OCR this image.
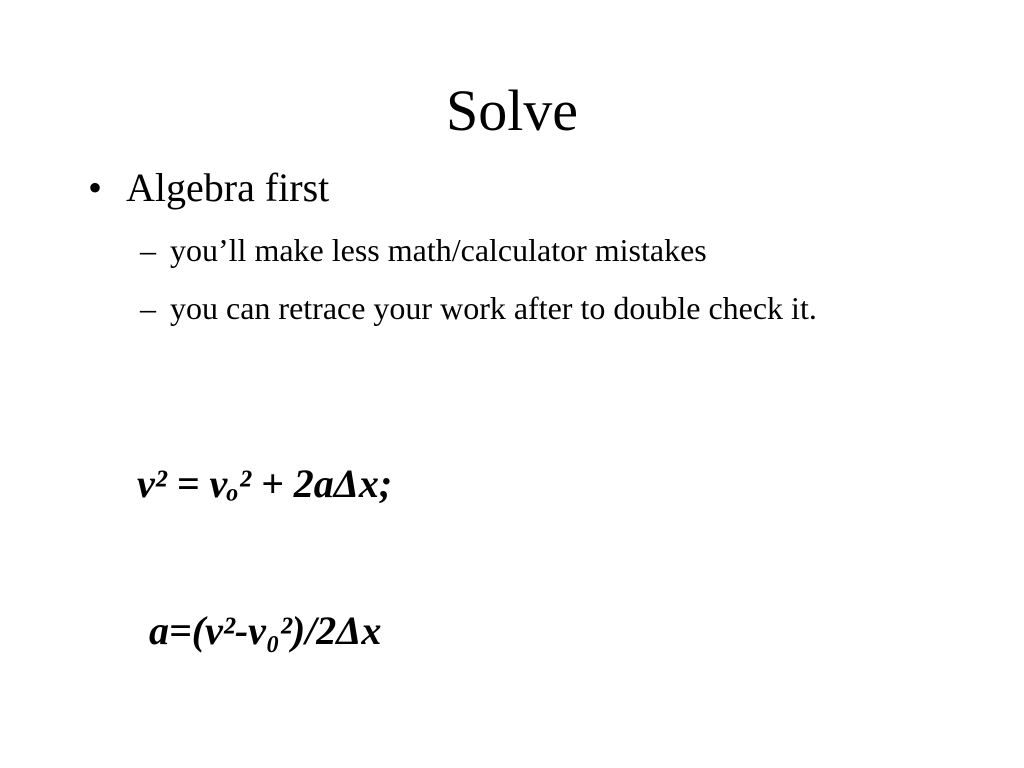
Solve
• Algebra first
– you’ll make less math/calculator mistakes
– you can retrace your work after to double check it.
v² = vₒ² + 2aΔx;
a=(v²-v₀²)/2Δx
